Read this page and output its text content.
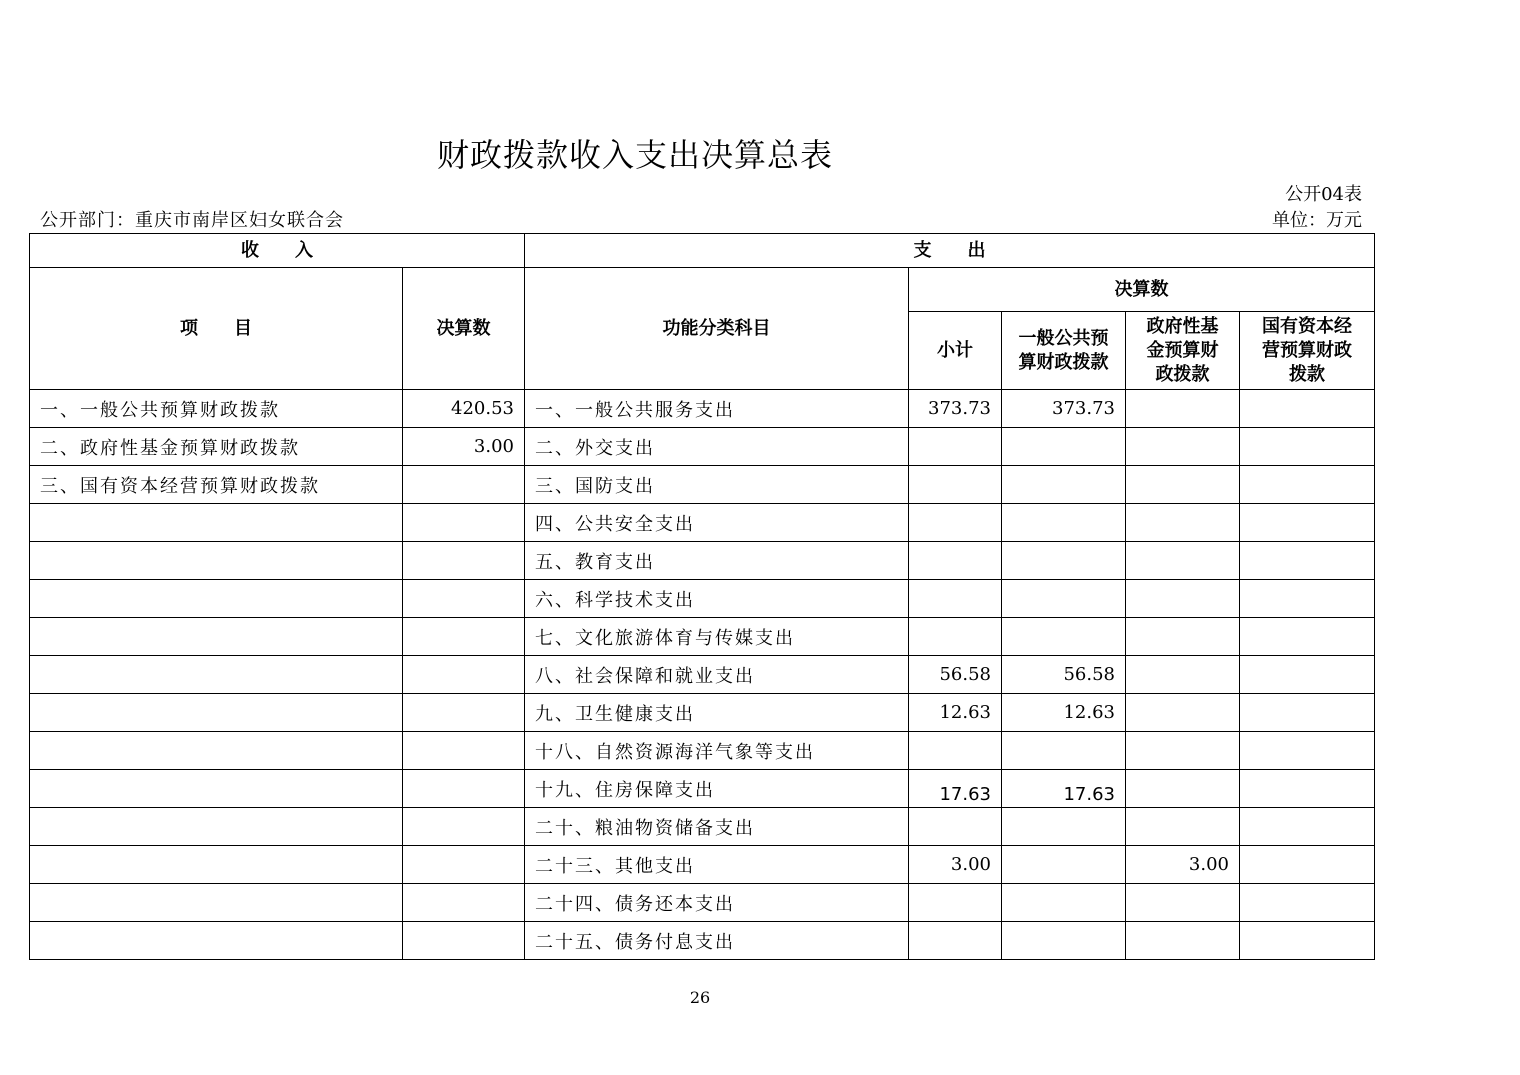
财政拨款收入支出决算总表
公开04表
公开部门：重庆市南岸区妇女联合会	单位：万元
收　　入		支　　出				
项　　目	决算数	功能分类科目	决算数			
			小计	一般公共预算财政拨款	政府性基金预算财政拨款	国有资本经营预算财政拨款
一、一般公共预算财政拨款	420.53	一、一般公共服务支出	373.73	373.73		
二、政府性基金预算财政拨款	3.00	二、外交支出				
三、国有资本经营预算财政拨款		三、国防支出				
		四、公共安全支出				
		五、教育支出				
		六、科学技术支出				
		七、文化旅游体育与传媒支出				
		八、社会保障和就业支出	56.58	56.58		
		九、卫生健康支出	12.63	12.63		
		十八、自然资源海洋气象等支出				
		十九、住房保障支出	17.63	17.63		
		二十、粮油物资储备支出				
		二十三、其他支出	3.00		3.00	
		二十四、债务还本支出				
		二十五、债务付息支出				
26
